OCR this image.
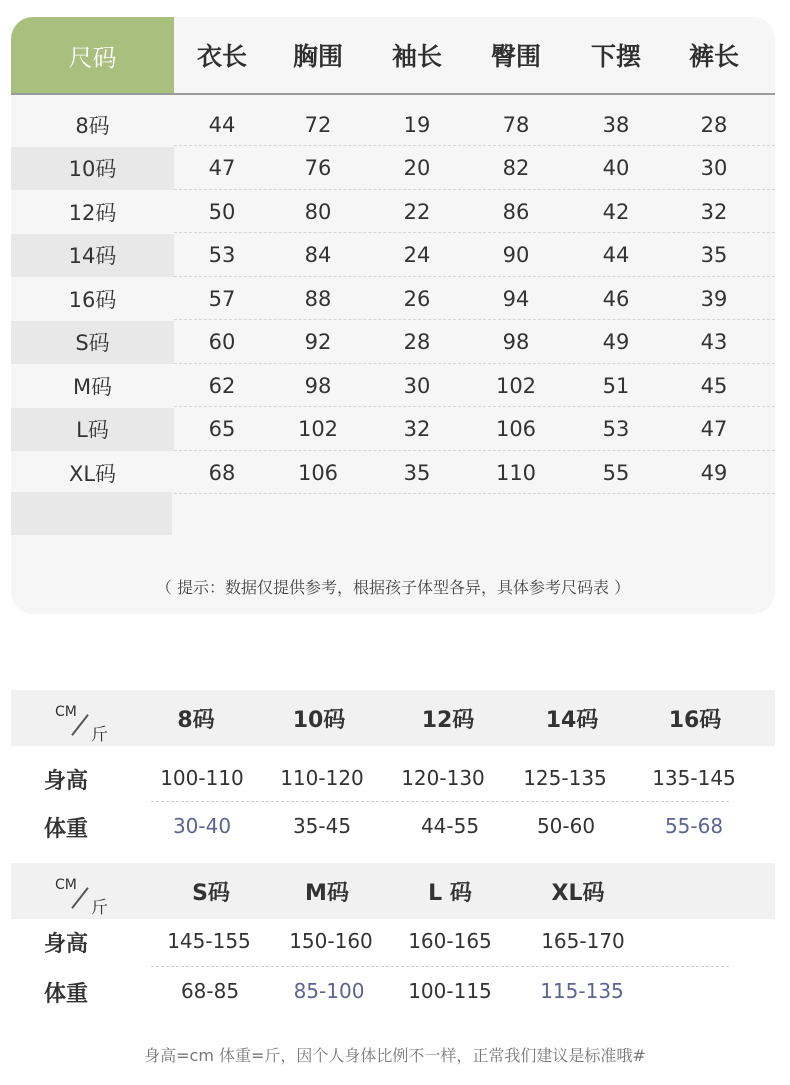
尺码	衣长	胸围	袖长	臀围	下摆	裤长
8码	44	72	19	78	38	28
10码	47	76	20	82	40	30
12码	50	80	22	86	42	32
14码	53	84	24	90	44	35
16码	57	88	26	94	46	39
S码	60	92	28	98	49	43
M码	62	98	30	102	51	45
L码	65	102	32	106	53	47
XL码	68	106	35	110	55	49
（ 提示：数据仅提供参考，根据孩子体型各异，具体参考尺码表 ）
CM
斤
8码	10码	12码	14码	16码
身高	100-110	110-120	120-130	125-135	135-145
体重	30-40	35-45	44-55	50-60	55-68
CM
斤
S码	M码	L 码	XL码
身高	145-155	150-160	160-165	165-170
体重	68-85	85-100	100-115	115-135
身高=cm 体重=斤，因个人身体比例不一样，正常我们建议是标准哦#
